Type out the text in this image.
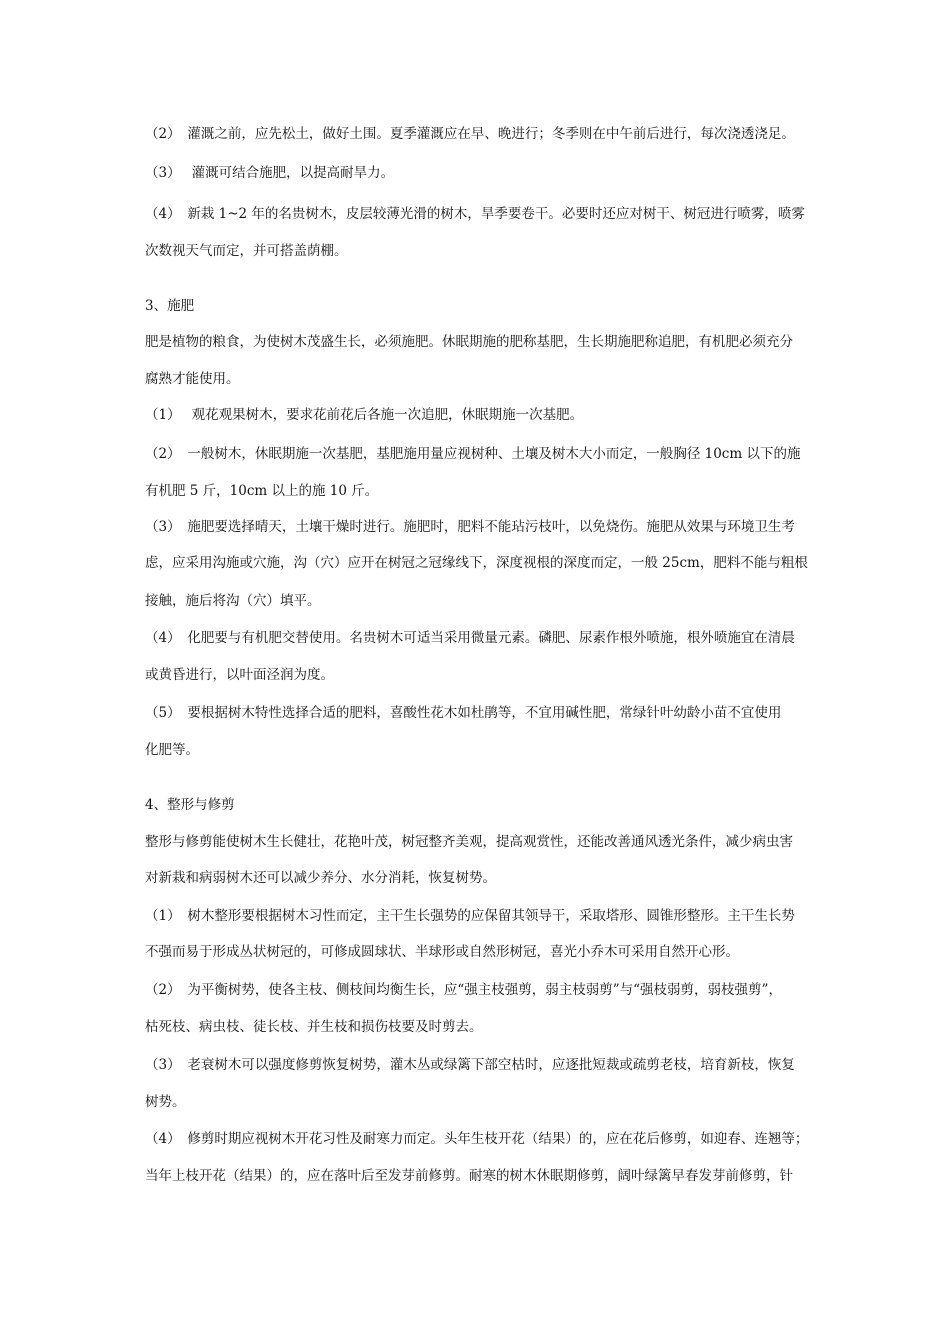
（2）　灌溉之前，应先松土，做好土围。夏季灌溉应在早、晚进行；冬季则在中午前后进行，每次浇透浇足。
（3）　 灌溉可结合施肥，以提高耐旱力。
（4）　新栽 1~2 年的名贵树木，皮层较薄光滑的树木，旱季要卷干。必要时还应对树干、树冠进行喷雾，喷雾
次数视天气而定，并可搭盖荫棚。
3、施肥
肥是植物的粮食，为使树木茂盛生长，必须施肥。休眠期施的肥称基肥，生长期施肥称追肥，有机肥必须充分
腐熟才能使用。
（1）　 观花观果树木，要求花前花后各施一次追肥，休眠期施一次基肥。
（2）　一般树木，休眠期施一次基肥，基肥施用量应视树种、土壤及树木大小而定，一般胸径 10cm 以下的施
有机肥 5 斤，10cm 以上的施 10 斤。
（3）　施肥要选择晴天，土壤干燥时进行。施肥时，肥料不能玷污枝叶，以免烧伤。施肥从效果与环境卫生考
虑，应采用沟施或穴施，沟（穴）应开在树冠之冠缘线下，深度视根的深度而定，一般 25cm，肥料不能与粗根
接触，施后将沟（穴）填平。
（4）　化肥要与有机肥交替使用。名贵树木可适当采用微量元素。磷肥、尿素作根外喷施，根外喷施宜在清晨
或黄昏进行，以叶面泾润为度。
（5）　要根据树木特性选择合适的肥料，喜酸性花木如杜鹃等，不宜用碱性肥，常绿针叶幼龄小苗不宜使用
化肥等。
4、整形与修剪
整形与修剪能使树木生长健壮，花艳叶茂，树冠整齐美观，提高观赏性，还能改善通风透光条件，减少病虫害
对新栽和病弱树木还可以减少养分、水分消耗，恢复树势。
（1）　树木整形要根据树木习性而定，主干生长强势的应保留其领导干，采取塔形、圆锥形整形。主干生长势
不强而易于形成丛状树冠的，可修成圆球状、半球形或自然形树冠，喜光小乔木可采用自然开心形。
（2）　为平衡树势，使各主枝、侧枝间均衡生长，应“强主枝强剪，弱主枝弱剪”与“强枝弱剪，弱枝强剪”，
枯死枝、病虫枝、徒长枝、并生枝和损伤枝要及时剪去。
（3）　老衰树木可以强度修剪恢复树势，灌木丛或绿篱下部空枯时，应逐批短裁或疏剪老枝，培育新枝，恢复
树势。
（4）　修剪时期应视树木开花习性及耐寒力而定。头年生枝开花（结果）的，应在花后修剪，如迎春、连翘等；
当年上枝开花（结果）的，应在落叶后至发芽前修剪。耐寒的树木休眠期修剪，阔叶绿篱早春发芽前修剪，针
